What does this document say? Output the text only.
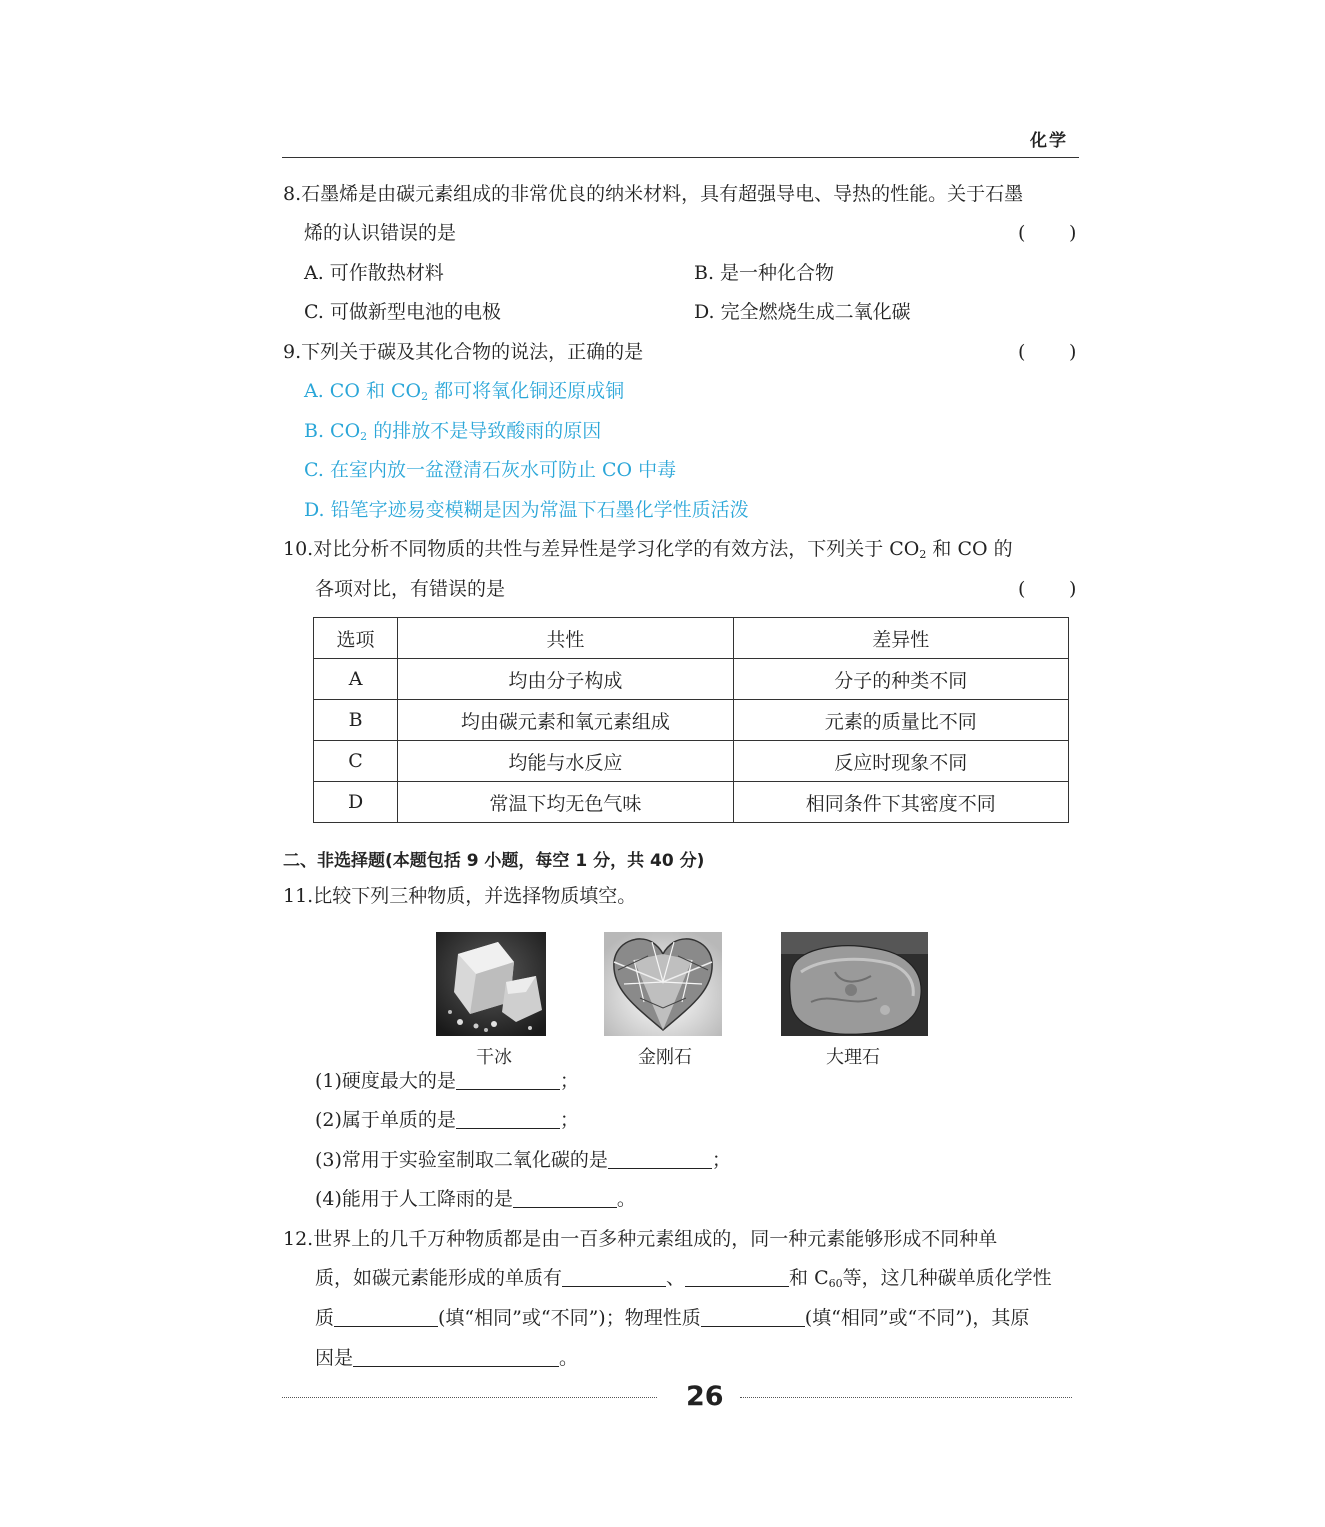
化学
8.石墨烯是由碳元素组成的非常优良的纳米材料，具有超强导电、导热的性能。关于石墨
烯的认识错误的是	( )
A. 可作散热材料	B. 是一种化合物
C. 可做新型电池的电极	D. 完全燃烧生成二氧化碳
9.下列关于碳及其化合物的说法，正确的是	( )
A. CO 和 $CO_2$ 都可将氧化铜还原成铜
B. $CO_2$ 的排放不是导致酸雨的原因
C. 在室内放一盆澄清石灰水可防止 CO 中毒
D. 铅笔字迹易变模糊是因为常温下石墨化学性质活泼
10.对比分析不同物质的共性与差异性是学习化学的有效方法，下列关于 $CO_2$ 和 CO 的
各项对比，有错误的是	( )
选项	共性	差异性
A	均由分子构成	分子的种类不同
B	均由碳元素和氧元素组成	元素的质量比不同
C	均能与水反应	反应时现象不同
D	常温下均无色气味	相同条件下其密度不同
二、非选择题(本题包括 9 小题，每空 1 分，共 40 分)
11.比较下列三种物质，并选择物质填空。
干冰	金刚石	大理石
(1)硬度最大的是	；
(2)属于单质的是	；
(3)常用于实验室制取二氧化碳的是	；
(4)能用于人工降雨的是	。
12.世界上的几千万种物质都是由一百多种元素组成的，同一种元素能够形成不同种单
质，如碳元素能形成的单质有	、	和 $C_{60}$等，这几种碳单质化学性
质	(填“相同”或“不同”)；物理性质	(填“相同”或“不同”)，其原
因是	。
26
